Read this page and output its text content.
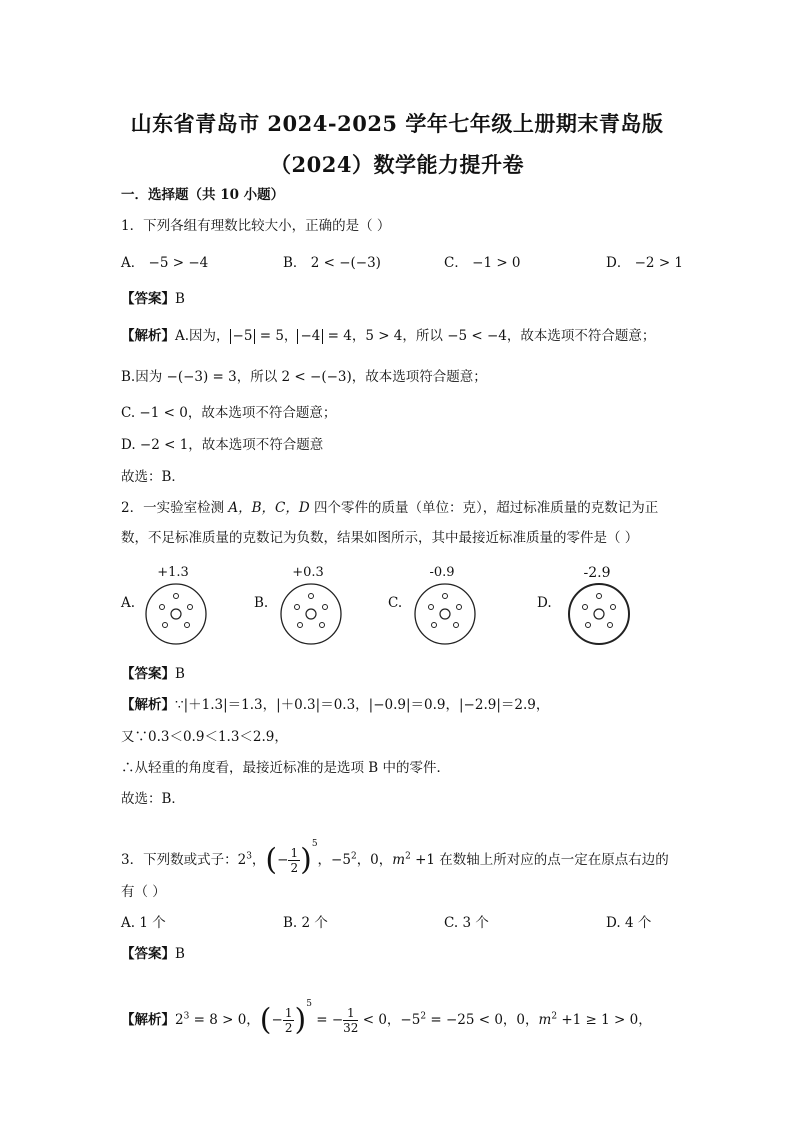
山东省青岛市 2024-2025 学年七年级上册期末青岛版
（2024）数学能力提升卷
一．选择题（共 10 小题）
1．下列各组有理数比较大小，正确的是（ ）
A． −5 > −4	B． 2 < −(−3)	C． −1 > 0	D． −2 > 1
【答案】B
【解析】A.因为， −5 = 5， −4 = 4，5 > 4，所以 −5 < −4，故本选项不符合题意；
B.因为 −(−3) = 3，所以 2 < −(−3)，故本选项符合题意；
C. −1 < 0，故本选项不符合题意；
D. −2 < 1，故本选项不符合题意
故选：B．
2．一实验室检测 A，B，C，D 四个零件的质量（单位：克），超过标准质量的克数记为正
数，不足标准质量的克数记为负数，结果如图所示，其中最接近标准质量的零件是（ ）
A.
+1.3
B.
+0.3
C.
-0.9
D.
-2.9
【答案】B
【解析】∵|＋1.3|＝1.3，|＋0.3|＝0.3，|−0.9|＝0.9，|−2.9|＝2.9，
又∵0.3＜0.9＜1.3＜2.9，
∴从轻重的角度看，最接近标准的是选项 B 中的零件．
故选：B．
3．下列数或式子：$2^3$，(− $\frac{1}{2} )^5$，$-5^2$，0，$m^2 +1$ 在数轴上所对应的点一定在原点右边的
有（ ）
A. 1 个	B. 2 个	C. 3 个	D. 4 个
【答案】B
【解析】$2^3 = 8 > 0$，(− $\frac{1}{2} )^5$ = − $\frac{1}{32} < 0$，$-5^2 = -25 < 0$，0，$m^2 +1 \ge 1 > 0$，
